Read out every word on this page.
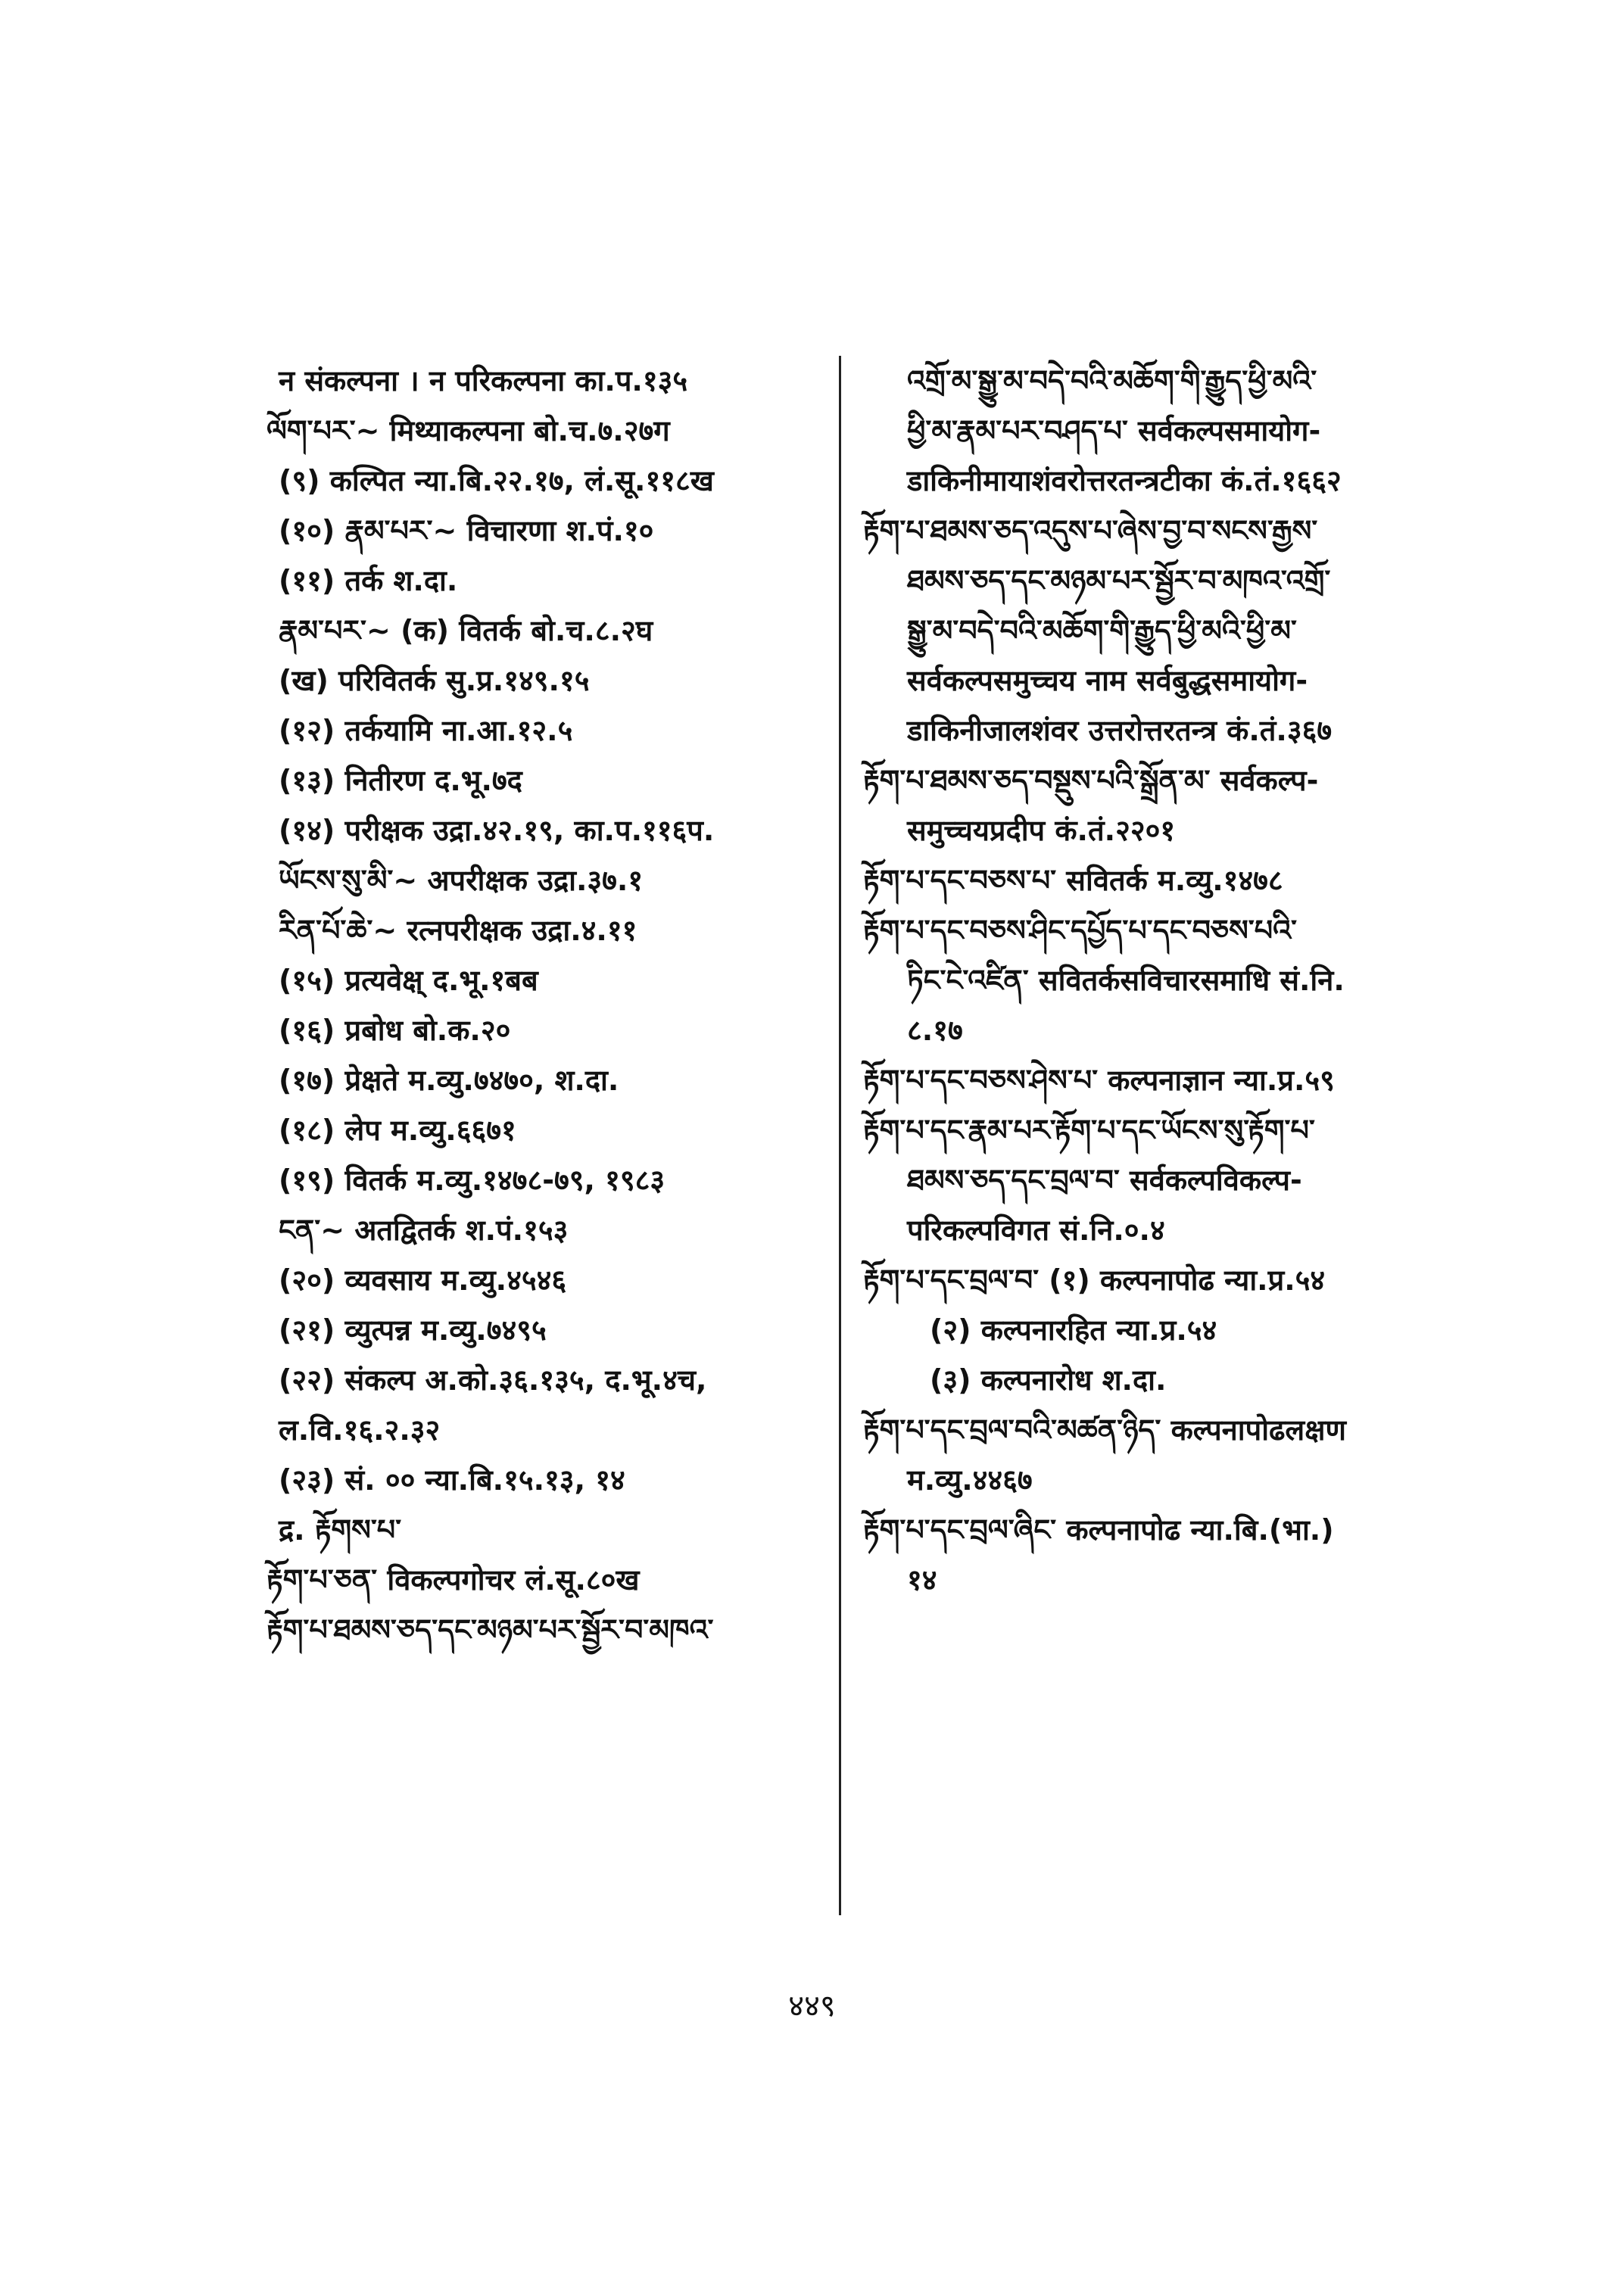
न संकल्पना । न परिकल्पना का.प.१३५
ལོག་པར་~ मिथ्याकल्पना बो.च.७.२७ग
(९) कल्पित न्या.बि.२२.१७, लं.सू.११८ख
(१०) རྣམ་པར་~ विचारणा श.पं.१०
(११) तर्क श.दा.
རྣམ་པར་~ (क) वितर्क बो.च.८.२घ
(ख) परिवितर्क सु.प्र.१४९.१५
(१२) तर्कयामि ना.आ.१२.५
(१३) नितीरण द.भू.७द
(१४) परीक्षक उद्रा.४२.१९, का.प.११६प.
ཡོངས་སུ་མི་~ अपरीक्षक उद्रा.३७.१
རིན་པོ་ཆེ་~ रत्नपरीक्षक उद्रा.४.११
(१५) प्रत्यवेक्ष् द.भू.१बब
(१६) प्रबोध बो.क.२०
(१७) प्रेक्षते म.व्यु.७४७०, श.दा.
(१८) लेप म.व्यु.६६७१
(१९) वितर्क म.व्यु.१४७८-७९, १९८३
ངན་~ अतद्वितर्क श.पं.१५३
(२०) व्यवसाय म.व्यु.४५४६
(२१) व्युत्पन्न म.व्यु.७४९५
(२२) संकल्प अ.को.३६.१३५, द.भू.४च,
ल.वि.१६.२.३२
(२३) सं. ०० न्या.बि.१५.१३, १४
द्र. རྟོགས་པ་
རྟོག་པ་ཅན་ विकल्पगोचर लं.सू.८०ख
རྟོག་པ་ཐམས་ཅད་དང་མཉམ་པར་སྦྱོར་བ་མཁའ་
འགྲོ་མ་སྒྱུ་མ་བདེ་བའི་མཆོག་གི་རྒྱུད་ཕྱི་མའི་
ཕྱི་མ་རྣམ་པར་བཤད་པ་ सर्वकल्पसमायोग-
डाकिनीमायाशंवरोत्तरतन्त्रटीका कं.तं.१६६२
རྟོག་པ་ཐམས་ཅད་འདུས་པ་ཞེས་བྱ་བ་སངས་རྒྱས་
ཐམས་ཅད་དང་མཉམ་པར་སྦྱོར་བ་མཁའ་འགྲོ་
སྒྱུ་མ་བདེ་བའི་མཆོག་གི་རྒྱུད་ཕྱི་མའི་ཕྱི་མ་
सर्वकल्पसमुच्चय नाम सर्वबुद्धसमायोग-
डाकिनीजालशंवर उत्तरोत्तरतन्त्र कं.तं.३६७
རྟོག་པ་ཐམས་ཅད་བསྡུས་པའི་སྒྲོན་མ་ सर्वकल्प-
समुच्चयप्रदीप कं.तं.२२०१
རྟོག་པ་དང་བཅས་པ་ सवितर्क म.व्यु.१४७८
རྟོག་པ་དང་བཅས་ཤིང་དཔྱོད་པ་དང་བཅས་པའི་
ཏིང་ངེ་འཛིན་ सवितर्कसविचारसमाधि सं.नि.
८.१७
རྟོག་པ་དང་བཅས་ཤེས་པ་ कल्पनाज्ञान न्या.प्र.५९
རྟོག་པ་དང་རྣམ་པར་རྟོག་པ་དང་ཡོངས་སུ་རྟོག་པ་
ཐམས་ཅད་དང་བྲལ་བ་ सर्वकल्पविकल्प-
परिकल्पविगत सं.नि.०.४
རྟོག་པ་དང་བྲལ་བ་ (१) कल्पनापोढ न्या.प्र.५४
(२) कल्पनारहित न्या.प्र.५४
(३) कल्पनारोध श.दा.
རྟོག་པ་དང་བྲལ་བའི་མཚན་ཉིད་ कल्पनापोढलक्षण
म.व्यु.४४६७
རྟོག་པ་དང་བྲལ་ཞིང་ कल्पनापोढ न्या.बि.(भा.)
१४
४४९
